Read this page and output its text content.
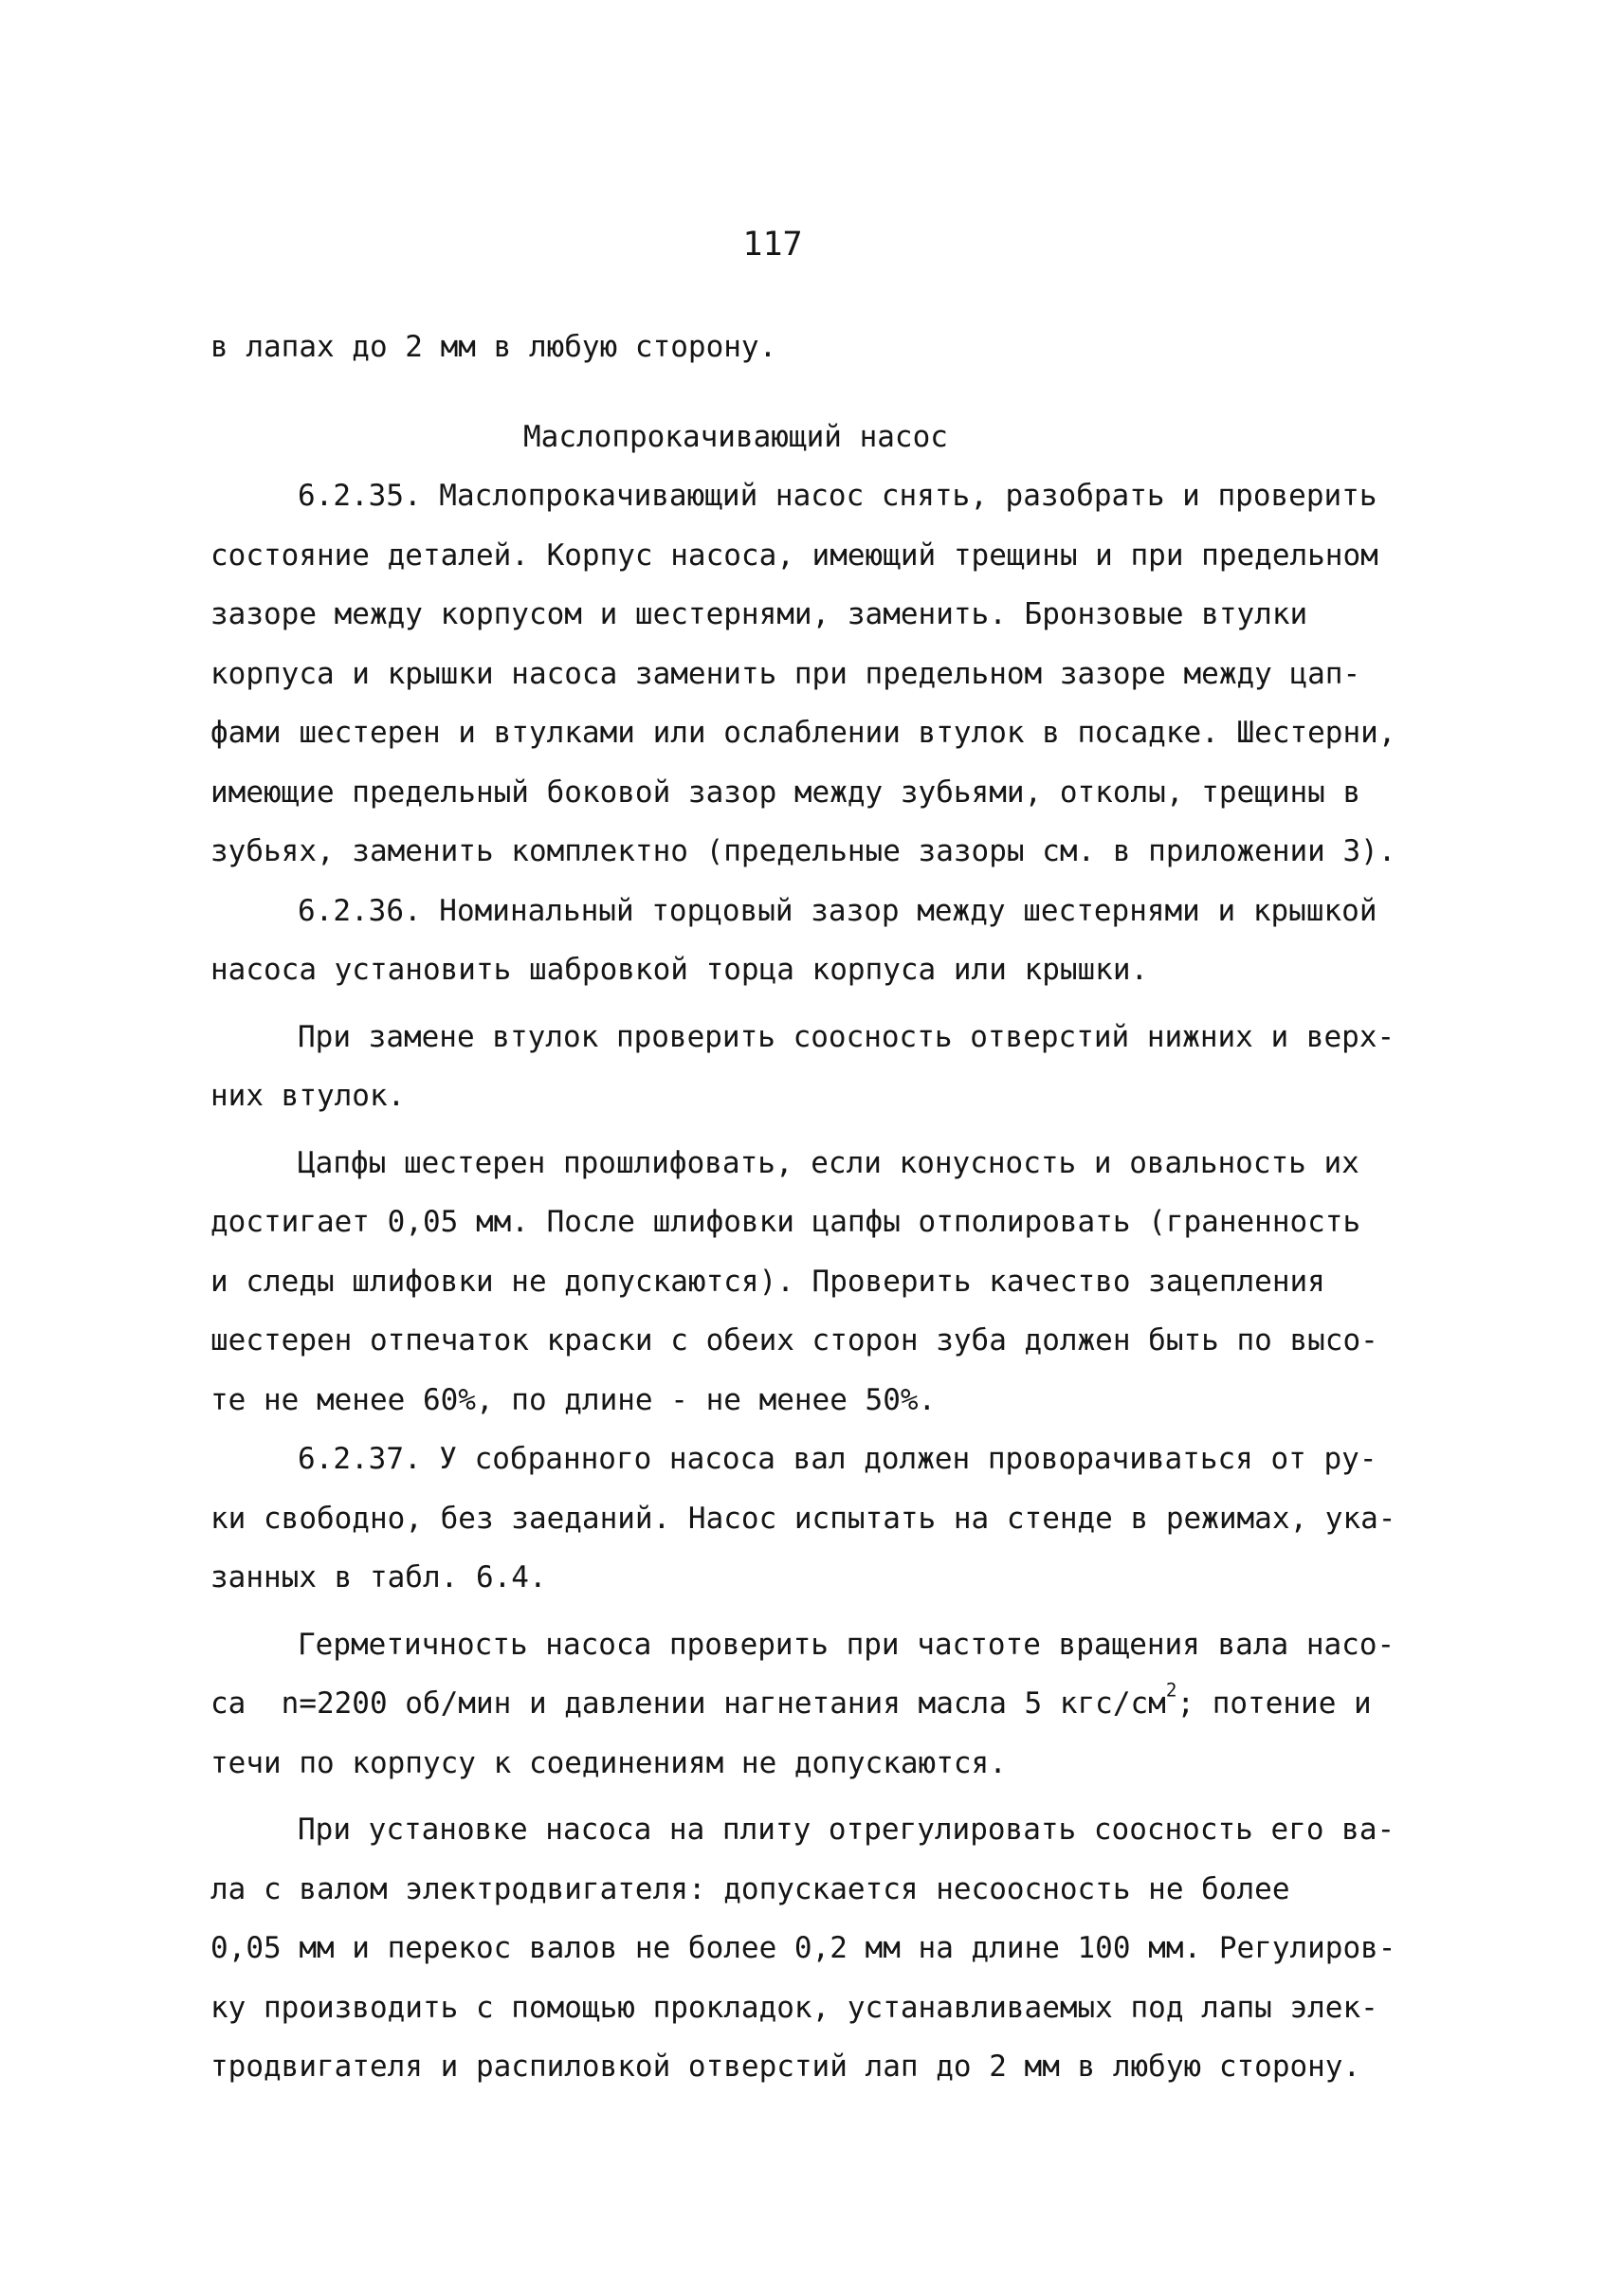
117
в лапах до 2 мм в любую сторону.
Маслопрокачивающий насос
6.2.35. Маслопрокачивающий насос снять, разобрать и проверить
состояние деталей. Корпус насоса, имеющий трещины и при предельном
зазоре между корпусом и шестернями, заменить. Бронзовые втулки
корпуса и крышки насоса заменить при предельном зазоре между цап-
фами шестерен и втулками или ослаблении втулок в посадке. Шестерни,
имеющие предельный боковой зазор между зубьями, отколы, трещины в
зубьях, заменить комплектно (предельные зазоры см. в приложении 3).
6.2.36. Номинальный торцовый зазор между шестернями и крышкой
насоса установить шабровкой торца корпуса или крышки.
При замене втулок проверить соосность отверстий нижних и верх-
них втулок.
Цапфы шестерен прошлифовать, если конусность и овальность их
достигает 0,05 мм. После шлифовки цапфы отполировать (граненность
и следы шлифовки не допускаются). Проверить качество зацепления
шестерен отпечаток краски с обеих сторон зуба должен быть по высо-
те не менее 60%, по длине - не менее 50%.
6.2.37. У собранного насоса вал должен проворачиваться от ру-
ки свободно, без заеданий. Насос испытать на стенде в режимах, ука-
занных в табл. 6.4.
Герметичность насоса проверить при частоте вращения вала насо-
са  n=2200 об/мин и давлении нагнетания масла 5 кгс/$см^2$; потение и
течи по корпусу к соединениям не допускаются.
При установке насоса на плиту отрегулировать соосность его ва-
ла с валом электродвигателя: допускается несоосность не более
0,05 мм и перекос валов не более 0,2 мм на длине 100 мм. Регулиров-
ку производить с помощью прокладок, устанавливаемых под лапы элек-
тродвигателя и распиловкой отверстий лап до 2 мм в любую сторону.
